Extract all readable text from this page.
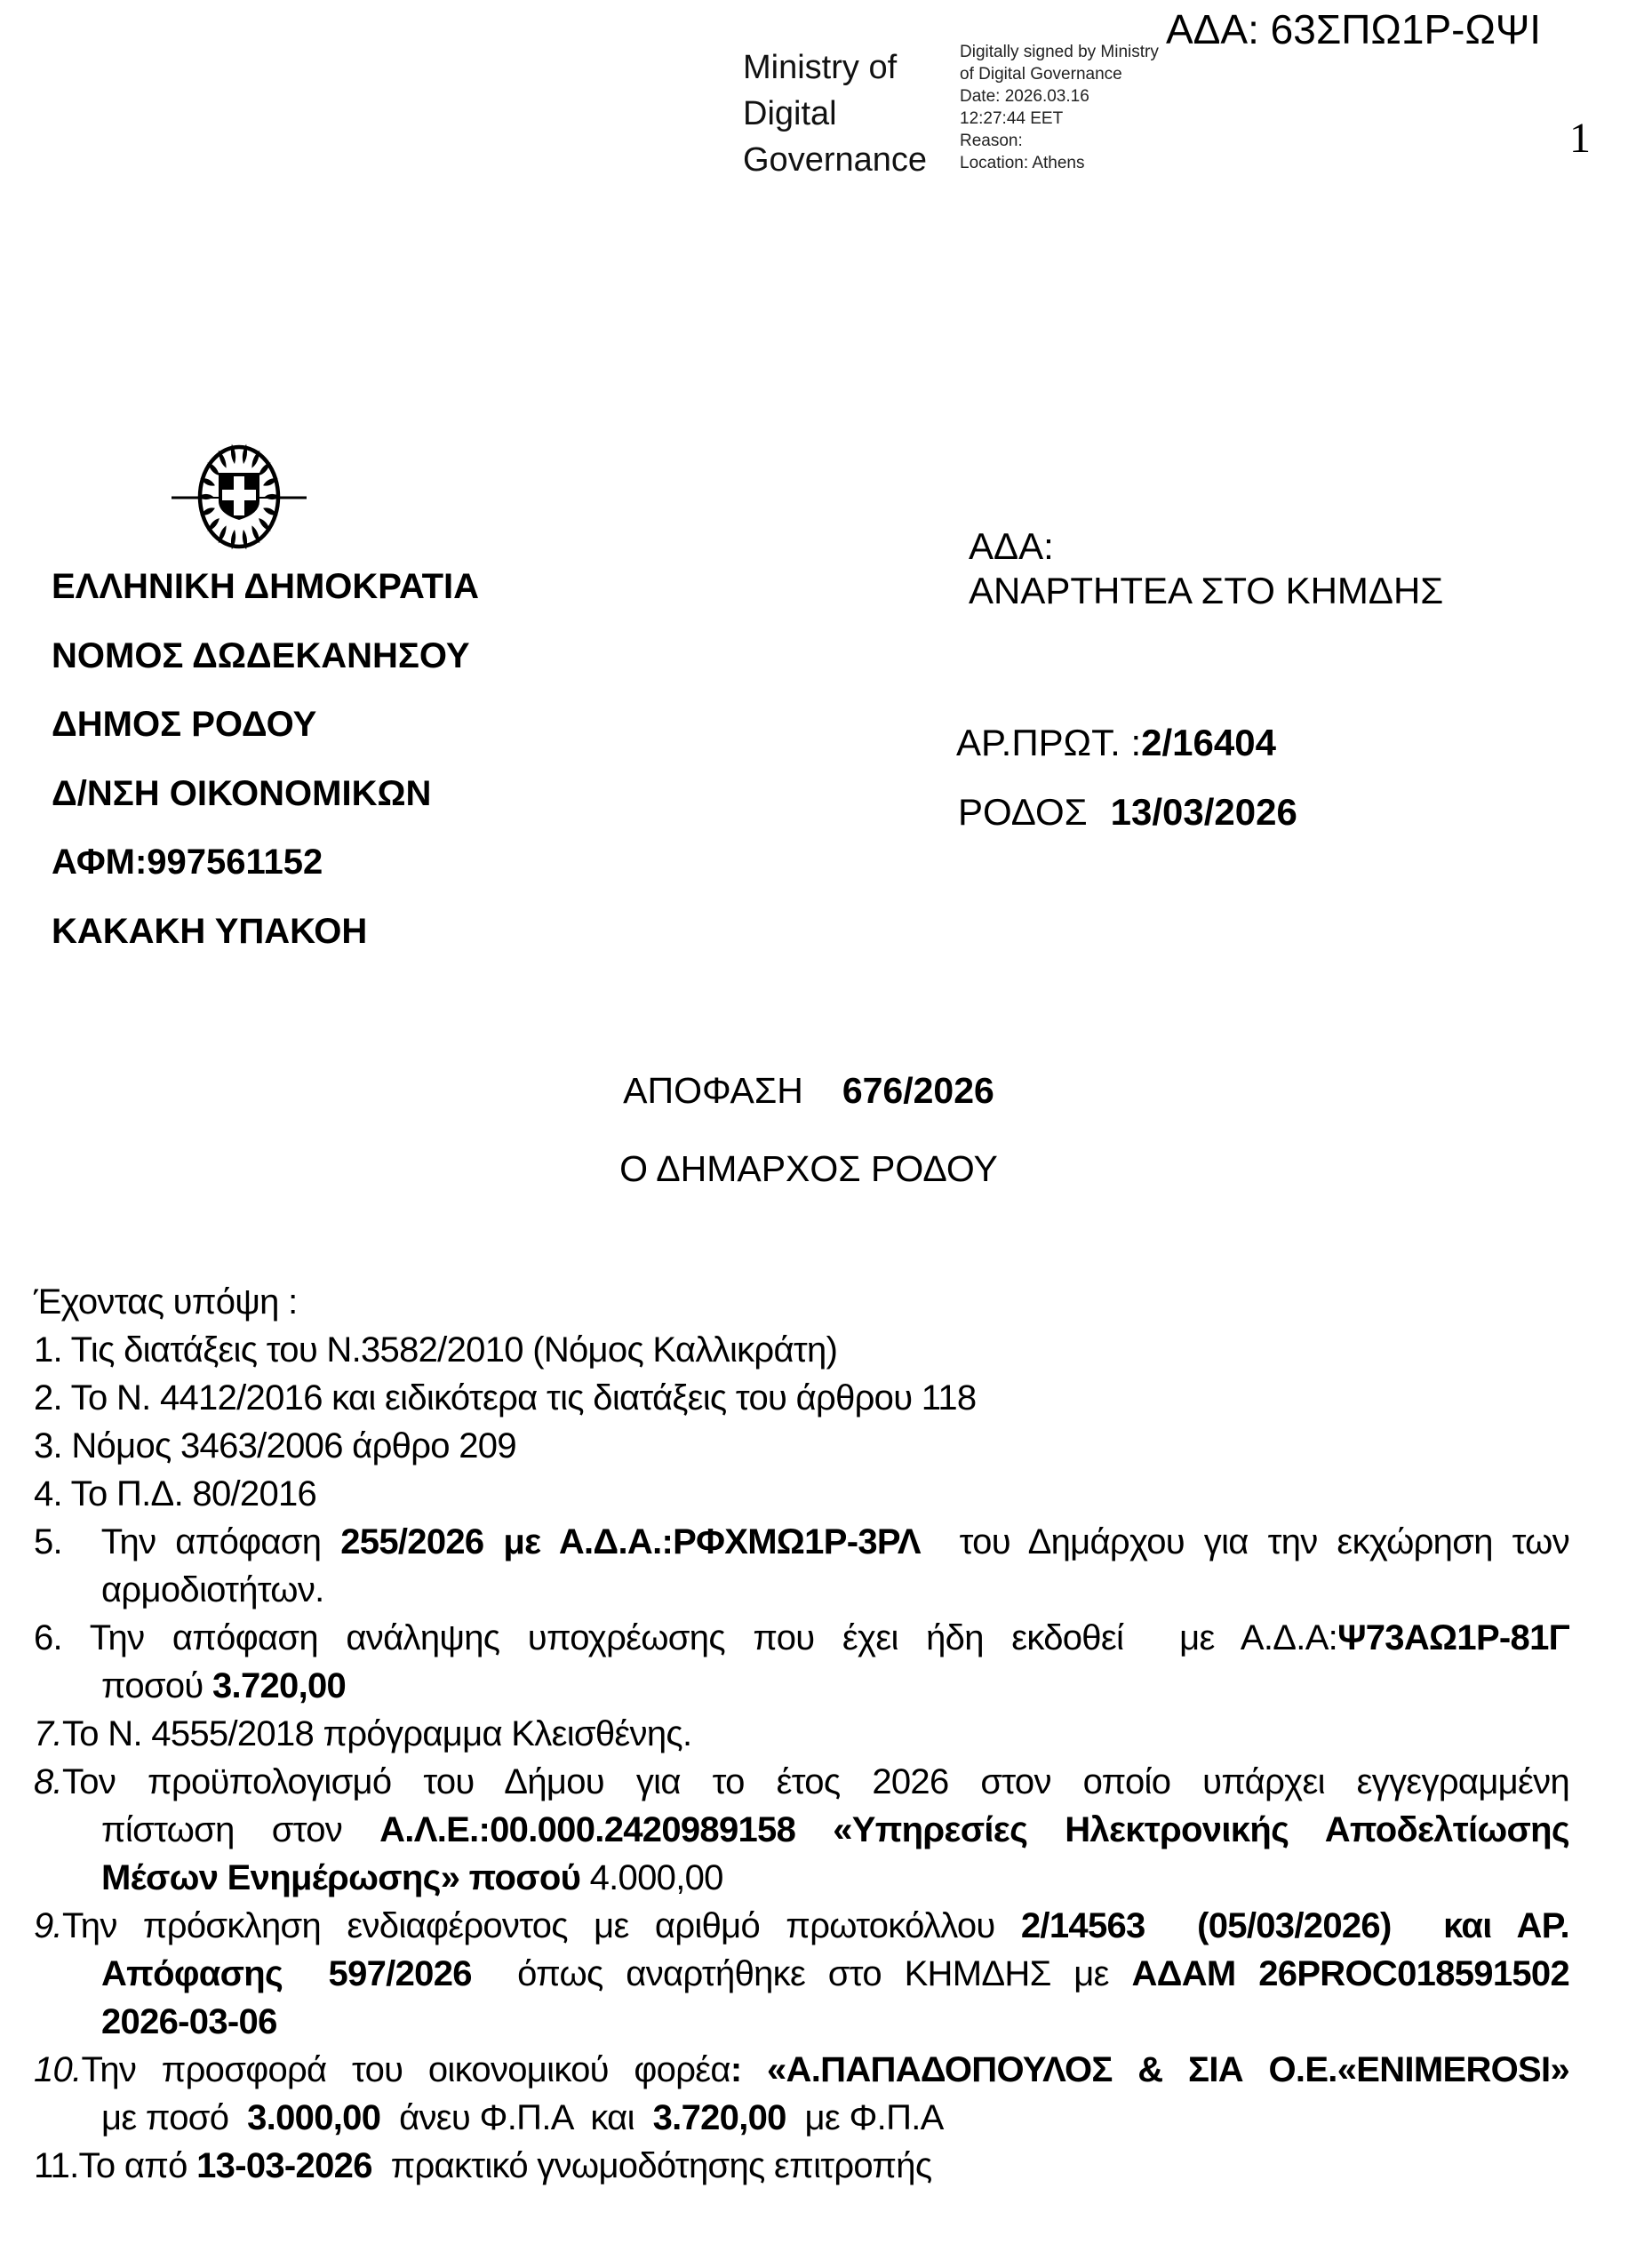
ΑΔΑ: 63ΣΠΩ1Ρ-ΩΨΙ
Ministry of
Digital
Governance
Digitally signed by Ministry
of Digital Governance
Date: 2026.03.16
12:27:44 EET
Reason:
Location: Athens
1
ΕΛΛΗΝΙΚΗ ΔΗΜΟΚΡΑΤΙΑ
ΝΟΜΟΣ ΔΩΔΕΚΑΝΗΣΟΥ
ΔΗΜΟΣ ΡΟΔΟΥ
Δ/ΝΣΗ ΟΙΚΟΝΟΜΙΚΩΝ
ΑΦΜ:997561152
ΚΑΚΑΚΗ ΥΠΑΚΟΗ
ΑΔΑ:
ΑΝΑΡΤΗΤΕΑ ΣΤΟ ΚΗΜΔΗΣ
ΑΡ.ΠΡΩΤ. :2/16404
ΡΟΔΟΣ 13/03/2026
ΑΠΟΦΑΣΗ 676/2026
Ο ΔΗΜΑΡΧΟΣ ΡΟΔΟΥ
Έχοντας υπόψη :
1. Τις διατάξεις του Ν.3582/2010 (Νόμος Καλλικράτη)
2. Το Ν. 4412/2016 και ειδικότερα τις διατάξεις του άρθρου 118
3. Νόμος 3463/2006 άρθρο 209
4. Το Π.Δ. 80/2016
5.  Την απόφαση 255/2026 με Α.Δ.Α.:ΡΦΧΜΩ1Ρ-3ΡΛ  του Δημάρχου για την εκχώρηση των
αρμοδιοτήτων.
6. Την απόφαση ανάληψης υποχρέωσης που έχει ήδη εκδοθεί  με Α.Δ.Α:Ψ73ΑΩ1Ρ-81Γ
ποσού 3.720,00
7.Το Ν. 4555/2018 πρόγραμμα Κλεισθένης.
8.Τον προϋπολογισμό του Δήμου για το έτος 2026 στον οποίο υπάρχει εγγεγραμμένη
πίστωση στον Α.Λ.Ε.:00.000.2420989158 «Υπηρεσίες Ηλεκτρονικής Αποδελτίωσης
Μέσων Ενημέρωσης» ποσού 4.000,00
9.Την πρόσκληση ενδιαφέροντος με αριθμό πρωτοκόλλου 2/14563  (05/03/2026)  και ΑΡ.
Απόφασης  597/2026  όπως αναρτήθηκε στο ΚΗΜΔΗΣ με ΑΔΑΜ 26PROC018591502
2026-03-06
10.Την προσφορά του οικονομικού φορέα: «Α.ΠΑΠΑΔΟΠΟΥΛΟΣ & ΣΙΑ Ο.Ε.«ENIMEROSI»
με ποσό  3.000,00  άνευ Φ.Π.Α  και  3.720,00  με Φ.Π.Α
11.Το από 13-03-2026  πρακτικό γνωμοδότησης επιτροπής
